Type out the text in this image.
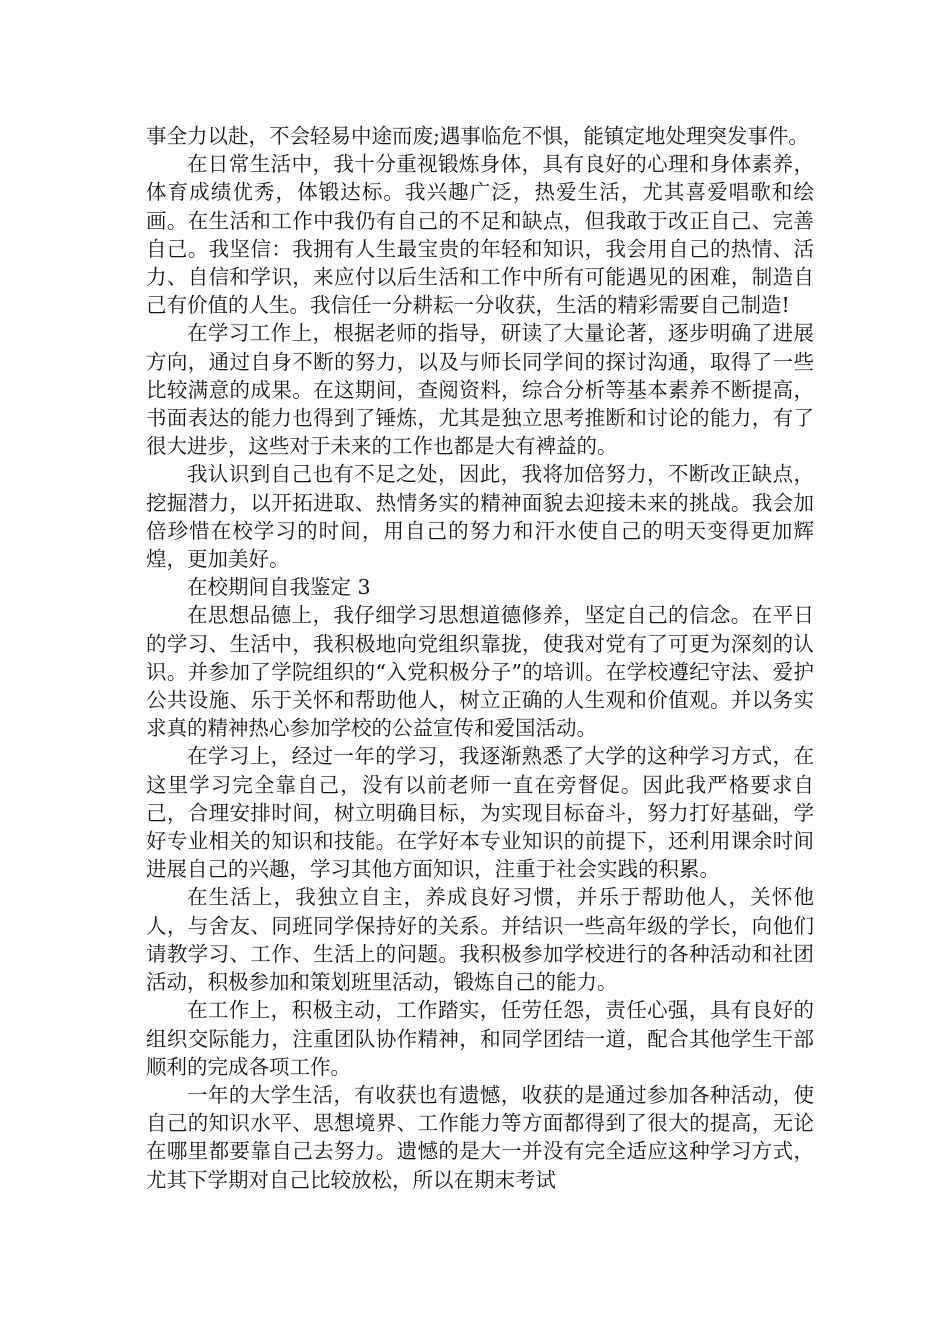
事全力以赴，不会轻易中途而废;遇事临危不惧，能镇定地处理突发事件。

在日常生活中，我十分重视锻炼身体，具有良好的心理和身体素养，体育成绩优秀，体锻达标。我兴趣广泛，热爱生活，尤其喜爱唱歌和绘画。在生活和工作中我仍有自己的不足和缺点，但我敢于改正自己、完善自己。我坚信：我拥有人生最宝贵的年轻和知识，我会用自己的热情、活力、自信和学识，来应付以后生活和工作中所有可能遇见的困难，制造自己有价值的人生。我信任一分耕耘一分收获，生活的精彩需要自己制造!

在学习工作上，根据老师的指导，研读了大量论著，逐步明确了进展方向，通过自身不断的努力，以及与师长同学间的探讨沟通，取得了一些比较满意的成果。在这期间，查阅资料，综合分析等基本素养不断提高，书面表达的能力也得到了锤炼，尤其是独立思考推断和讨论的能力，有了很大进步，这些对于未来的工作也都是大有裨益的。

我认识到自己也有不足之处，因此，我将加倍努力，不断改正缺点，挖掘潜力，以开拓进取、热情务实的精神面貌去迎接未来的挑战。我会加倍珍惜在校学习的时间，用自己的努力和汗水使自己的明天变得更加辉煌，更加美好。

在校期间自我鉴定 3

在思想品德上，我仔细学习思想道德修养，坚定自己的信念。在平日的学习、生活中，我积极地向党组织靠拢，使我对党有了可更为深刻的认识。并参加了学院组织的“入党积极分子”的培训。在学校遵纪守法、爱护公共设施、乐于关怀和帮助他人，树立正确的人生观和价值观。并以务实求真的精神热心参加学校的公益宣传和爱国活动。

在学习上，经过一年的学习，我逐渐熟悉了大学的这种学习方式，在这里学习完全靠自己，没有以前老师一直在旁督促。因此我严格要求自己，合理安排时间，树立明确目标，为实现目标奋斗，努力打好基础，学好专业相关的知识和技能。在学好本专业知识的前提下，还利用课余时间进展自己的兴趣，学习其他方面知识，注重于社会实践的积累。

在生活上，我独立自主，养成良好习惯，并乐于帮助他人，关怀他人，与舍友、同班同学保持好的关系。并结识一些高年级的学长，向他们请教学习、工作、生活上的问题。我积极参加学校进行的各种活动和社团活动，积极参加和策划班里活动，锻炼自己的能力。

在工作上，积极主动，工作踏实，任劳任怨，责任心强，具有良好的组织交际能力，注重团队协作精神，和同学团结一道，配合其他学生干部顺利的完成各项工作。

一年的大学生活，有收获也有遗憾，收获的是通过参加各种活动，使自己的知识水平、思想境界、工作能力等方面都得到了很大的提高，无论在哪里都要靠自己去努力。遗憾的是大一并没有完全适应这种学习方式，尤其下学期对自己比较放松，所以在期末考试
